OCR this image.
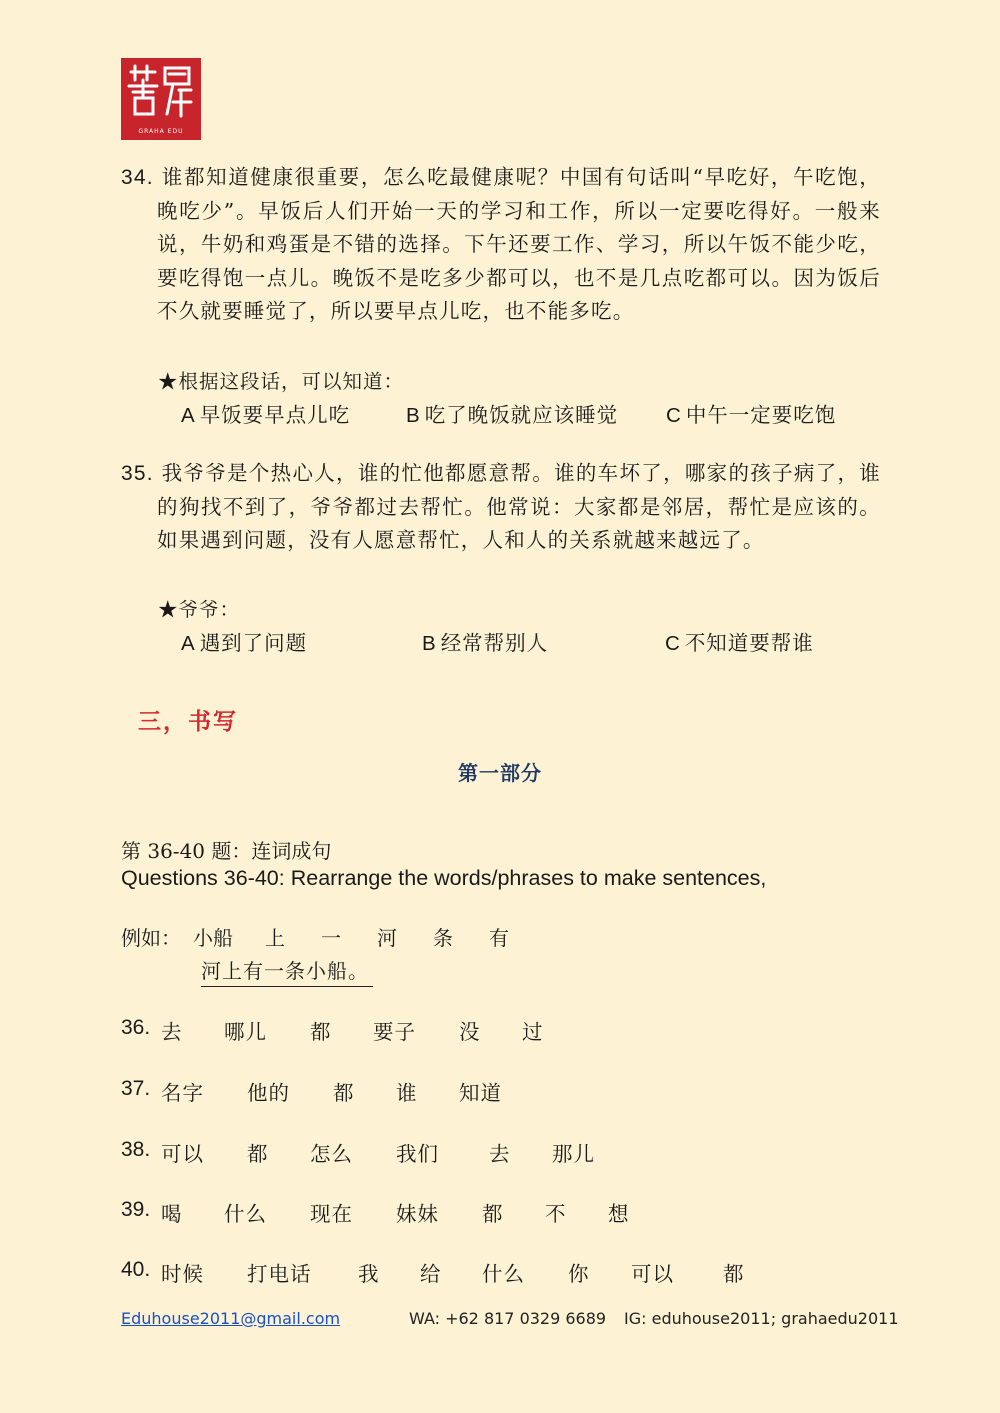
GRAHA EDU
34. 谁都知道健康很重要，怎么吃最健康呢？中国有句话叫“早吃好，午吃饱，晚吃少”。早饭后人们开始一天的学习和工作，所以一定要吃得好。一般来说，牛奶和鸡蛋是不错的选择。下午还要工作、学习，所以午饭不能少吃，要吃得饱一点儿。晚饭不是吃多少都可以，也不是几点吃都可以。因为饭后不久就要睡觉了，所以要早点儿吃，也不能多吃。
★根据这段话，可以知道：
A 早饭要早点儿吃	B 吃了晚饭就应该睡觉 C 中午一定要吃饱
35. 我爷爷是个热心人，谁的忙他都愿意帮。谁的车坏了，哪家的孩子病了，谁的狗找不到了，爷爷都过去帮忙。他常说：大家都是邻居，帮忙是应该的。如果遇到问题，没有人愿意帮忙，人和人的关系就越来越远了。
★爷爷：
A 遇到了问题	B 经常帮别人	C 不知道要帮谁
三，书写
第一部分
第 36-40 题：连词成句
Questions 36-40: Rearrange the words/phrases to make sentences,
例如： 小船 上 一 河 条 有
河上有一条小船。
36. 去 哪儿 都 要子 没 过
37. 名字 他的 都 谁 知道
38. 可以 都 怎么 我们 去 那儿
39. 喝 什么 现在 妹妹 都 不 想
40. 时候 打电话 我 给 什么 你 可以 都
Eduhouse2011@gmail.com	WA: +62 817 0329 6689 IG: eduhouse2011; grahaedu2011
